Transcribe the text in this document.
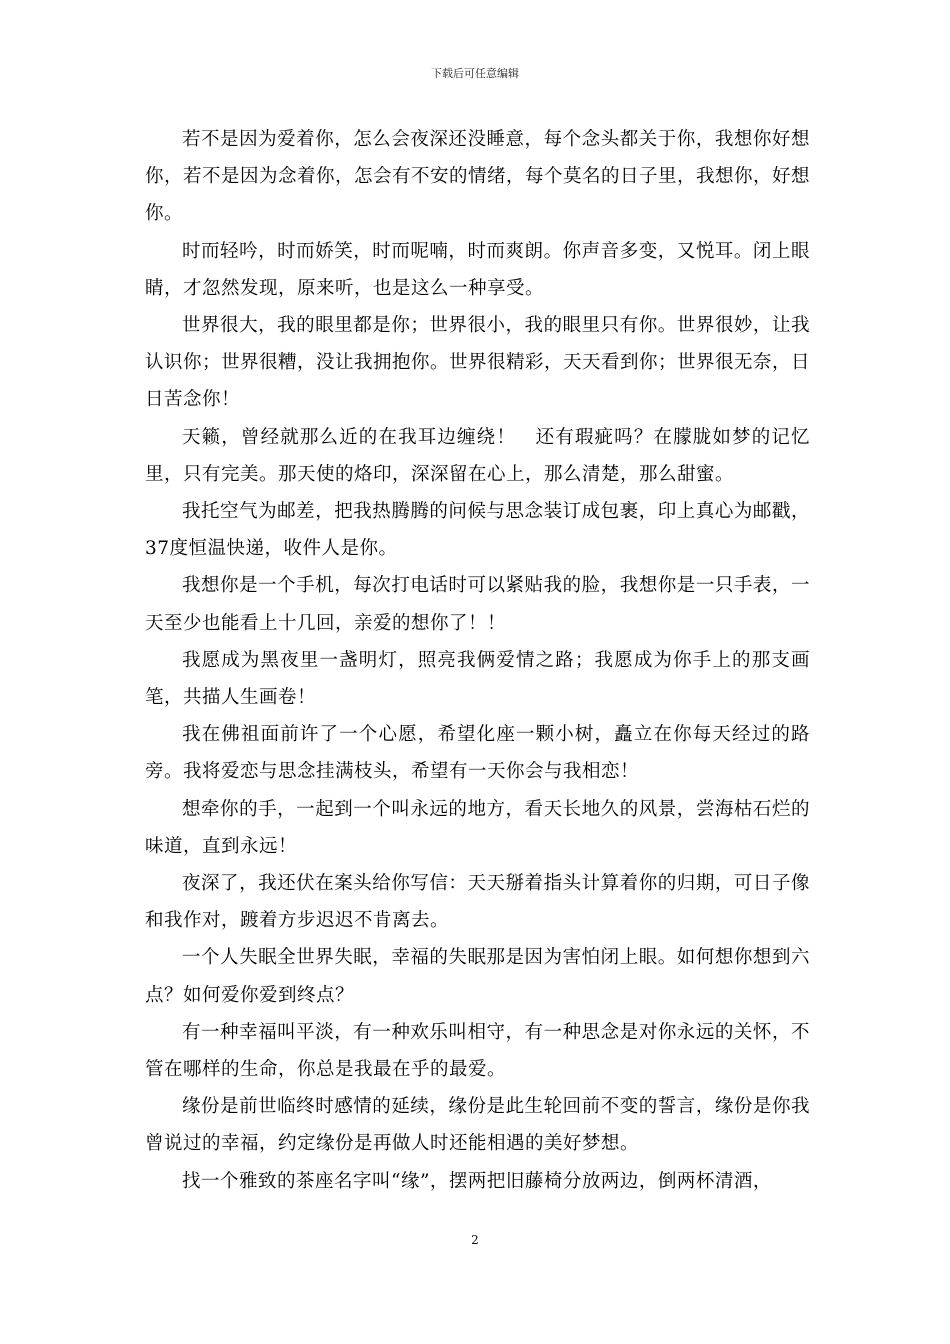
下载后可任意编辑

若不是因为爱着你，怎么会夜深还没睡意，每个念头都关于你，我想你好想你，若不是因为念着你，怎会有不安的情绪，每个莫名的日子里，我想你，好想你。

时而轻吟，时而娇笑，时而呢喃，时而爽朗。你声音多变，又悦耳。闭上眼睛，才忽然发现，原来听，也是这么一种享受。

世界很大，我的眼里都是你；世界很小，我的眼里只有你。世界很妙，让我认识你；世界很糟，没让我拥抱你。世界很精彩，天天看到你；世界很无奈，日日苦念你！

天籁，曾经就那么近的在我耳边缠绕！　还有瑕疵吗？在朦胧如梦的记忆里，只有完美。那天使的烙印，深深留在心上，那么清楚，那么甜蜜。

我托空气为邮差，把我热腾腾的问候与思念装订成包裹，印上真心为邮戳，37度恒温快递，收件人是你。

我想你是一个手机，每次打电话时可以紧贴我的脸，我想你是一只手表，一天至少也能看上十几回，亲爱的想你了！！

我愿成为黑夜里一盏明灯，照亮我俩爱情之路；我愿成为你手上的那支画笔，共描人生画卷！

我在佛祖面前许了一个心愿，希望化座一颗小树，矗立在你每天经过的路旁。我将爱恋与思念挂满枝头，希望有一天你会与我相恋！

想牵你的手，一起到一个叫永远的地方，看天长地久的风景，尝海枯石烂的味道，直到永远！

夜深了，我还伏在案头给你写信：天天掰着指头计算着你的归期，可日子像和我作对，踱着方步迟迟不肯离去。

一个人失眠全世界失眠，幸福的失眠那是因为害怕闭上眼。如何想你想到六点？如何爱你爱到终点？

有一种幸福叫平淡，有一种欢乐叫相守，有一种思念是对你永远的关怀，不管在哪样的生命，你总是我最在乎的最爱。

缘份是前世临终时感情的延续，缘份是此生轮回前不变的誓言，缘份是你我曾说过的幸福，约定缘份是再做人时还能相遇的美好梦想。

找一个雅致的茶座名字叫“缘”，摆两把旧藤椅分放两边，倒两杯清酒，

2
